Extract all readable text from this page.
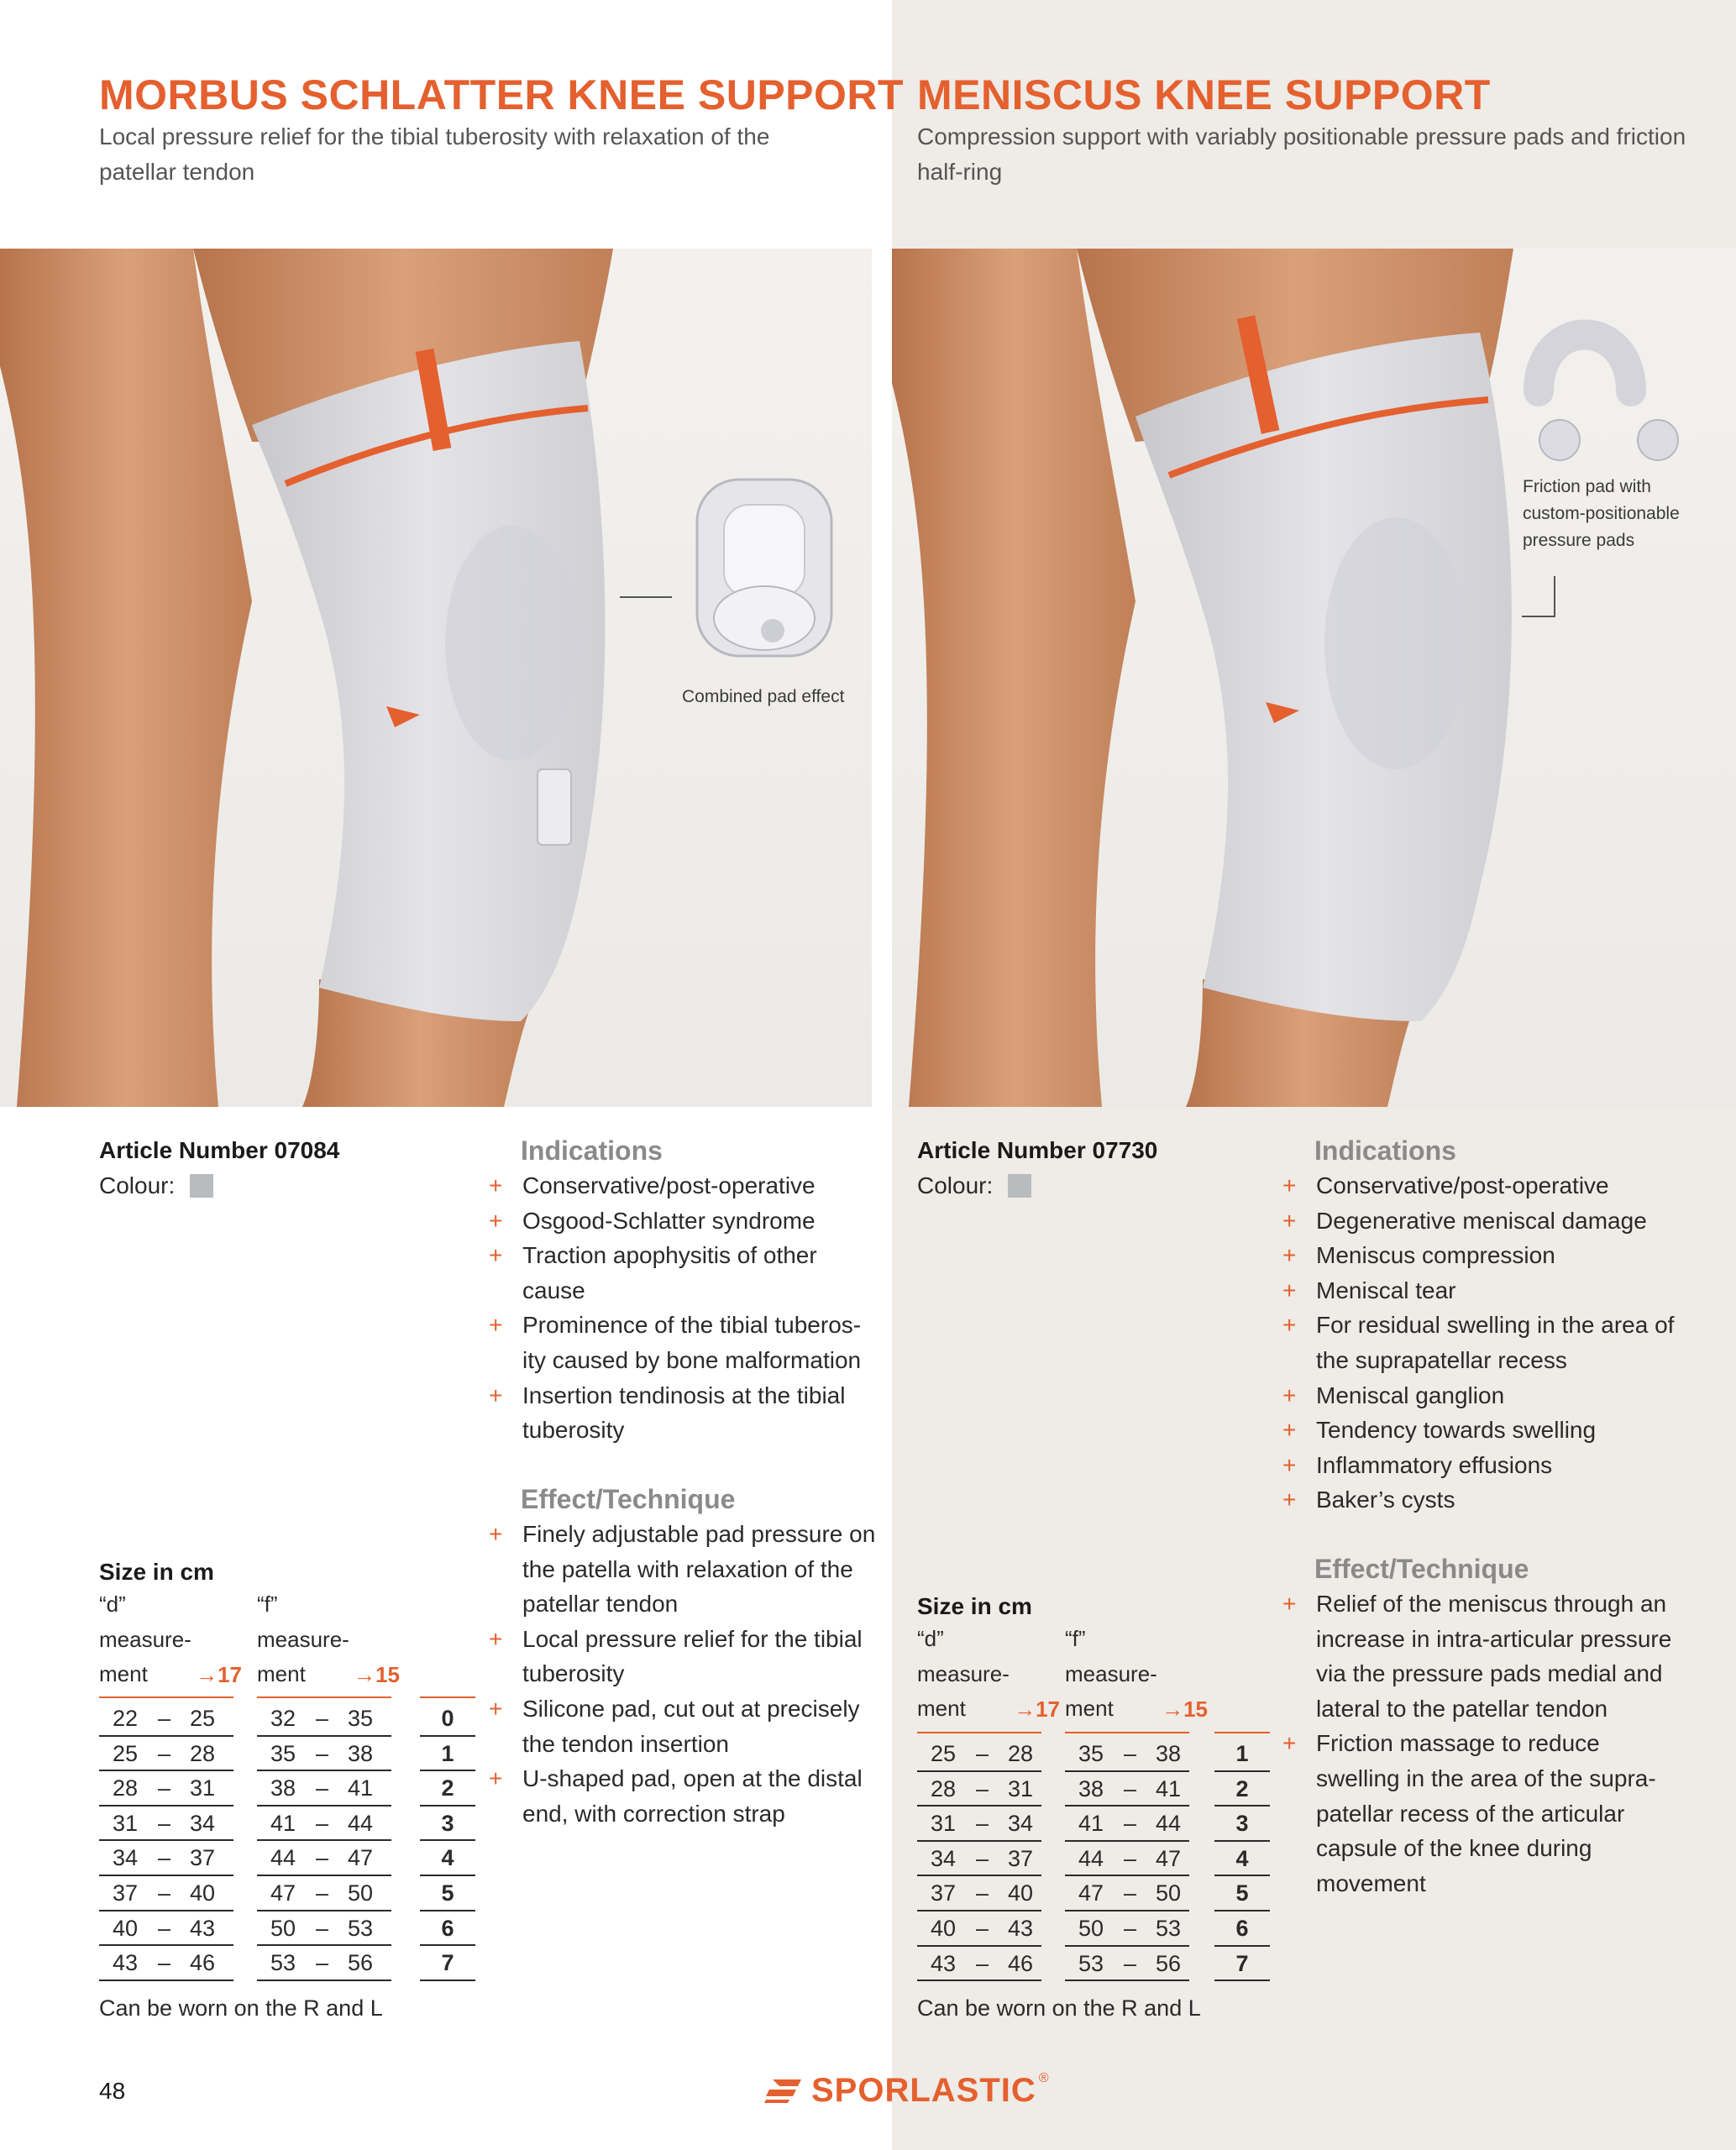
MORBUS SCHLATTER KNEE SUPPORT
Local pressure relief for the tibial tuberosity with relaxation of the patellar tendon
MENISCUS KNEE SUPPORT
Compression support with variably positionable pressure pads and friction half-ring
Combined pad effect
Friction pad with custom-positionable pressure pads
Article Number 07084
Colour:
Indications
+ Conservative/post-operative
+ Osgood-Schlatter syndrome
+ Traction apophysitis of other cause
+ Prominence of the tibial tuberos-ity caused by bone malformation
+ Insertion tendinosis at the tibial tuberosity
Effect/Technique
+ Finely adjustable pad pressure on the patella with relaxation of the patellar tendon
+ Local pressure relief for the tibial tuberosity
+ Silicone pad, cut out at precisely the tendon insertion
+ U-shaped pad, open at the distal end, with correction strap
Size in cm
“d”
measure-
ment	→17
“f”
measure-
ment	→15
22 – 25 32 – 35	0
25 – 28 35 – 38	1
28 – 31 38 – 41	2
31 – 34 41 – 44	3
34 – 37 44 – 47	4
37 – 40 47 – 50	5
40 – 43 50 – 53	6
43 – 46 53 – 56	7
Can be worn on the R and L
Article Number 07730
Colour:
Indications
+ Conservative/post-operative
+ Degenerative meniscal damage
+ Meniscus compression
+ Meniscal tear
+ For residual swelling in the area of the suprapatellar recess
+ Meniscal ganglion
+ Tendency towards swelling
+ Inflammatory effusions
+ Baker’s cysts
Effect/Technique
+ Relief of the meniscus through an increase in intra-articular pressure via the pressure pads medial and lateral to the patellar tendon
+ Friction massage to reduce swelling in the area of the supra-patellar recess of the articular capsule of the knee during movement
Size in cm
“d”
measure-
ment	→17
“f”
measure-
ment	→15
25 – 28 35 – 38	1
28 – 31 38 – 41	2
31 – 34 41 – 44	3
34 – 37 44 – 47	4
37 – 40 47 – 50	5
40 – 43 50 – 53	6
43 – 46 53 – 56	7
Can be worn on the R and L
48	SPORLASTIC ®
